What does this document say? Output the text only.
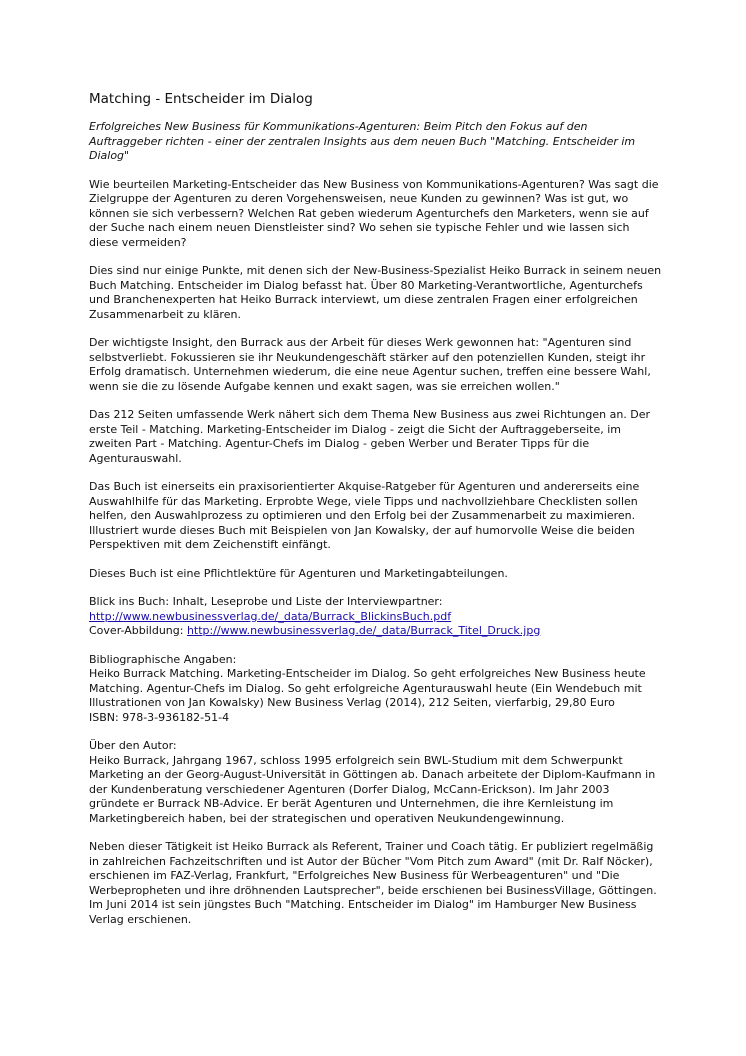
Matching - Entscheider im Dialog

Erfolgreiches New Business für Kommunikations-Agenturen: Beim Pitch den Fokus auf den Auftraggeber richten - einer der zentralen Insights aus dem neuen Buch "Matching. Entscheider im Dialog"

Wie beurteilen Marketing-Entscheider das New Business von Kommunikations-Agenturen? Was sagt die Zielgruppe der Agenturen zu deren Vorgehensweisen, neue Kunden zu gewinnen? Was ist gut, wo können sie sich verbessern? Welchen Rat geben wiederum Agenturchefs den Marketers, wenn sie auf der Suche nach einem neuen Dienstleister sind? Wo sehen sie typische Fehler und wie lassen sich diese vermeiden?

Dies sind nur einige Punkte, mit denen sich der New-Business-Spezialist Heiko Burrack in seinem neuen Buch Matching. Entscheider im Dialog befasst hat. Über 80 Marketing-Verantwortliche, Agenturchefs und Branchenexperten hat Heiko Burrack interviewt, um diese zentralen Fragen einer erfolgreichen Zusammenarbeit zu klären.

Der wichtigste Insight, den Burrack aus der Arbeit für dieses Werk gewonnen hat: "Agenturen sind selbstverliebt. Fokussieren sie ihr Neukundengeschäft stärker auf den potenziellen Kunden, steigt ihr Erfolg dramatisch. Unternehmen wiederum, die eine neue Agentur suchen, treffen eine bessere Wahl, wenn sie die zu lösende Aufgabe kennen und exakt sagen, was sie erreichen wollen."

Das 212 Seiten umfassende Werk nähert sich dem Thema New Business aus zwei Richtungen an. Der erste Teil - Matching. Marketing-Entscheider im Dialog - zeigt die Sicht der Auftraggeberseite, im zweiten Part - Matching. Agentur-Chefs im Dialog - geben Werber und Berater Tipps für die Agenturauswahl.

Das Buch ist einerseits ein praxisorientierter Akquise-Ratgeber für Agenturen und andererseits eine Auswahlhilfe für das Marketing. Erprobte Wege, viele Tipps und nachvollziehbare Checklisten sollen helfen, den Auswahlprozess zu optimieren und den Erfolg bei der Zusammenarbeit zu maximieren. Illustriert wurde dieses Buch mit Beispielen von Jan Kowalsky, der auf humorvolle Weise die beiden Perspektiven mit dem Zeichenstift einfängt.

Dieses Buch ist eine Pflichtlektüre für Agenturen und Marketingabteilungen.

Blick ins Buch: Inhalt, Leseprobe und Liste der Interviewpartner:
http://www.newbusinessverlag.de/_data/Burrack_BlickinsBuch.pdf
Cover-Abbildung: http://www.newbusinessverlag.de/_data/Burrack_Titel_Druck.jpg

Bibliographische Angaben:
Heiko Burrack Matching. Marketing-Entscheider im Dialog. So geht erfolgreiches New Business heute Matching. Agentur-Chefs im Dialog. So geht erfolgreiche Agenturauswahl heute (Ein Wendebuch mit Illustrationen von Jan Kowalsky) New Business Verlag (2014), 212 Seiten, vierfarbig, 29,80 Euro
ISBN: 978-3-936182-51-4

Über den Autor:
Heiko Burrack, Jahrgang 1967, schloss 1995 erfolgreich sein BWL-Studium mit dem Schwerpunkt Marketing an der Georg-August-Universität in Göttingen ab. Danach arbeitete der Diplom-Kaufmann in der Kundenberatung verschiedener Agenturen (Dorfer Dialog, McCann-Erickson). Im Jahr 2003 gründete er Burrack NB-Advice. Er berät Agenturen und Unternehmen, die ihre Kernleistung im Marketingbereich haben, bei der strategischen und operativen Neukundengewinnung.

Neben dieser Tätigkeit ist Heiko Burrack als Referent, Trainer und Coach tätig. Er publiziert regelmäßig in zahlreichen Fachzeitschriften und ist Autor der Bücher "Vom Pitch zum Award" (mit Dr. Ralf Nöcker), erschienen im FAZ-Verlag, Frankfurt, "Erfolgreiches New Business für Werbeagenturen" und "Die Werbepropheten und ihre dröhnenden Lautsprecher", beide erschienen bei BusinessVillage, Göttingen. Im Juni 2014 ist sein jüngstes Buch "Matching. Entscheider im Dialog" im Hamburger New Business Verlag erschienen.
